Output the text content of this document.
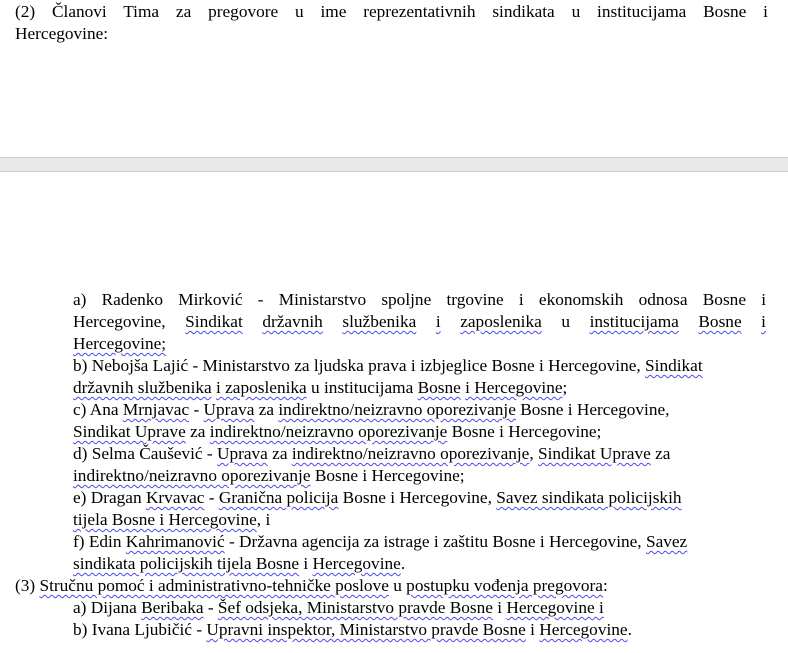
(2) Članovi Tima za pregovore u ime reprezentativnih sindikata u institucijama Bosne i
Hercegovine:
a) Radenko Mirković - Ministarstvo spoljne trgovine i ekonomskih odnosa Bosne i
Hercegovine, Sindikat državnih službenika i zaposlenika u institucijama Bosne i
Hercegovine;
b) Nebojša Lajić - Ministarstvo za ljudska prava i izbjeglice Bosne i Hercegovine, Sindikat
državnih službenika i zaposlenika u institucijama Bosne i Hercegovine;
c) Ana Mrnjavac - Uprava za indirektno/neizravno oporezivanje Bosne i Hercegovine,
Sindikat Uprave za indirektno/neizravno oporezivanje Bosne i Hercegovine;
d) Selma Čaušević - Uprava za indirektno/neizravno oporezivanje, Sindikat Uprave za
indirektno/neizravno oporezivanje Bosne i Hercegovine;
e) Dragan Krvavac - Granična policija Bosne i Hercegovine, Savez sindikata policijskih
tijela Bosne i Hercegovine, i
f) Edin Kahrimanović - Državna agencija za istrage i zaštitu Bosne i Hercegovine, Savez
sindikata policijskih tijela Bosne i Hercegovine.
(3) Stručnu pomoć i administrativno-tehničke poslove u postupku vođenja pregovora:
a) Dijana Beribaka - Šef odsjeka, Ministarstvo pravde Bosne i Hercegovine i
b) Ivana Ljubičić - Upravni inspektor, Ministarstvo pravde Bosne i Hercegovine.
